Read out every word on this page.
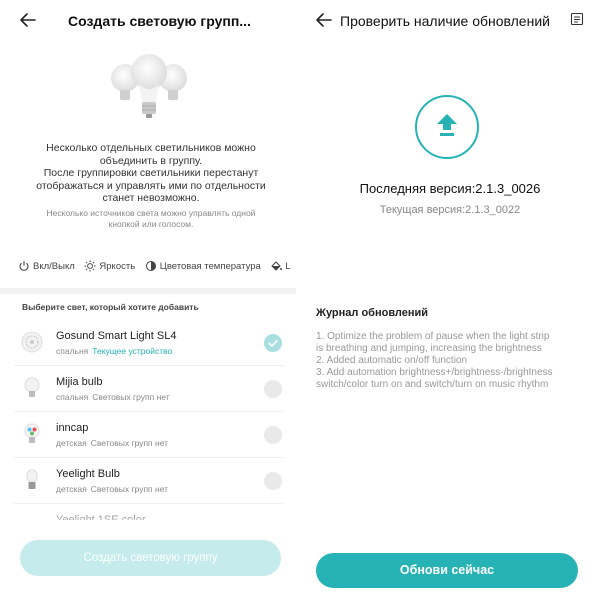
Создать световую групп...
Несколько отдельных светильников можно
объединить в группу.
После группировки светильники перестанут
отображаться и управлять ими по отдельности
станет невозможно.
Несколько источников света можно управлять одной
кнопкой или голосом.
Вкл/Выкл
	Яркость
	Цветовая температура
	L
Выберите свет, который хотите добавить
Gosund Smart Light SL4
спальня Текущее устройство
Mijia bulb
спальня Световых групп нет
inncap
детская Световых групп нет
Yeelight Bulb
детская Световых групп нет
Создать световую группу
Проверить наличие обновлений
Последняя версия:2.1.3_0026
Текущая версия:2.1.3_0022
Журнал обновлений
1. Optimize the problem of pause when the light strip
is breathing and jumping, increasing the brightness
2. Added automatic on/off function
3. Add automation brightness+/brightness-/brightness
switch/color turn on and switch/turn on music rhythm
Обнови сейчас
